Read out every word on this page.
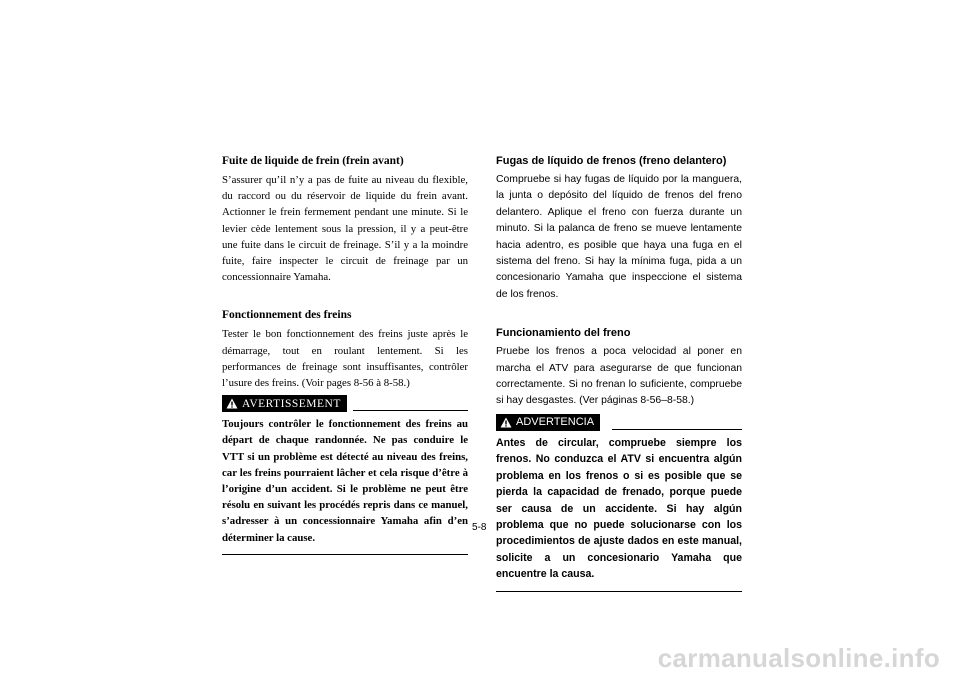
Fuite de liquide de frein (frein avant)

S’assurer qu’il n’y a pas de fuite au niveau du flexible, du raccord ou du réservoir de liquide du frein avant. Actionner le frein fermement pendant une minute. Si le levier cède lentement sous la pression, il y a peut-être une fuite dans le circuit de freinage. S’il y a la moindre fuite, faire inspecter le circuit de freinage par un concessionnaire Yamaha.

Fonctionnement des freins

Tester le bon fonctionnement des freins juste après le démarrage, tout en roulant lentement. Si les performances de freinage sont insuffisantes, contrôler l’usure des freins. (Voir pages 8-56 à 8-58.)

AVERTISSEMENT

Toujours contrôler le fonctionnement des freins au départ de chaque randonnée. Ne pas conduire le VTT si un problème est détecté au niveau des freins, car les freins pourraient lâcher et cela risque d’être à l’origine d’un accident. Si le problème ne peut être résolu en suivant les procédés repris dans ce manuel, s’adresser à un concessionnaire Yamaha afin d’en déterminer la cause.

Fugas de líquido de frenos (freno delantero)

Compruebe si hay fugas de líquido por la manguera, la junta o depósito del líquido de frenos del freno delantero. Aplique el freno con fuerza durante un minuto. Si la palanca de freno se mueve lentamente hacia adentro, es posible que haya una fuga en el sistema del freno. Si hay la mínima fuga, pida a un concesionario Yamaha que inspeccione el sistema de los frenos.

Funcionamiento del freno

Pruebe los frenos a poca velocidad al poner en marcha el ATV para asegurarse de que funcionan correctamente. Si no frenan lo suficiente, compruebe si hay desgastes. (Ver páginas 8-56–8-58.)

ADVERTENCIA

Antes de circular, compruebe siempre los frenos. No conduzca el ATV si encuentra algún problema en los frenos o si es posible que se pierda la capacidad de frenado, porque puede ser causa de un accidente. Si hay algún problema que no puede solucionarse con los procedimientos de ajuste dados en este manual, solicite a un concesionario Yamaha que encuentre la causa.

5-8
carmanualsonline.info
